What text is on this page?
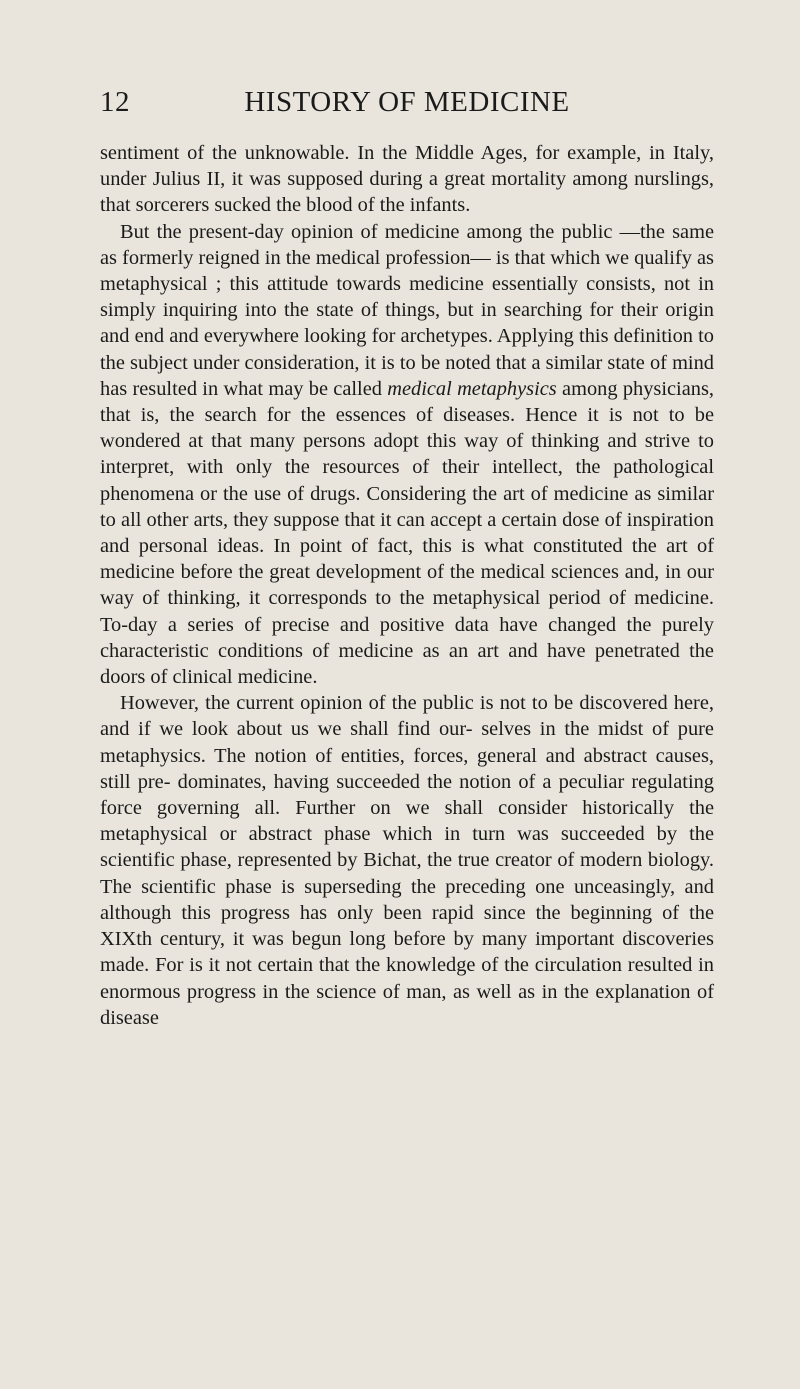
12	HISTORY OF MEDICINE

sentiment of the unknowable. In the Middle Ages, for example, in Italy, under Julius II, it was supposed during a great mortality among nurslings, that sorcerers sucked the blood of the infants.

But the present-day opinion of medicine among the public —the same as formerly reigned in the medical profession— is that which we qualify as metaphysical ; this attitude towards medicine essentially consists, not in simply inquiring into the state of things, but in searching for their origin and end and everywhere looking for archetypes. Applying this definition to the subject under consideration, it is to be noted that a similar state of mind has resulted in what may be called medical metaphysics among physicians, that is, the search for the essences of diseases. Hence it is not to be wondered at that many persons adopt this way of thinking and strive to interpret, with only the resources of their intellect, the pathological phenomena or the use of drugs. Considering the art of medicine as similar to all other arts, they suppose that it can accept a certain dose of inspiration and personal ideas. In point of fact, this is what constituted the art of medicine before the great development of the medical sciences and, in our way of thinking, it corresponds to the metaphysical period of medicine. To-day a series of precise and positive data have changed the purely characteristic conditions of medicine as an art and have penetrated the doors of clinical medicine.

However, the current opinion of the public is not to be discovered here, and if we look about us we shall find our- selves in the midst of pure metaphysics. The notion of entities, forces, general and abstract causes, still pre- dominates, having succeeded the notion of a peculiar regulating force governing all. Further on we shall consider historically the metaphysical or abstract phase which in turn was succeeded by the scientific phase, represented by Bichat, the true creator of modern biology. The scientific phase is superseding the preceding one unceasingly, and although this progress has only been rapid since the beginning of the XIXth century, it was begun long before by many important discoveries made. For is it not certain that the knowledge of the circulation resulted in enormous progress in the science of man, as well as in the explanation of disease
